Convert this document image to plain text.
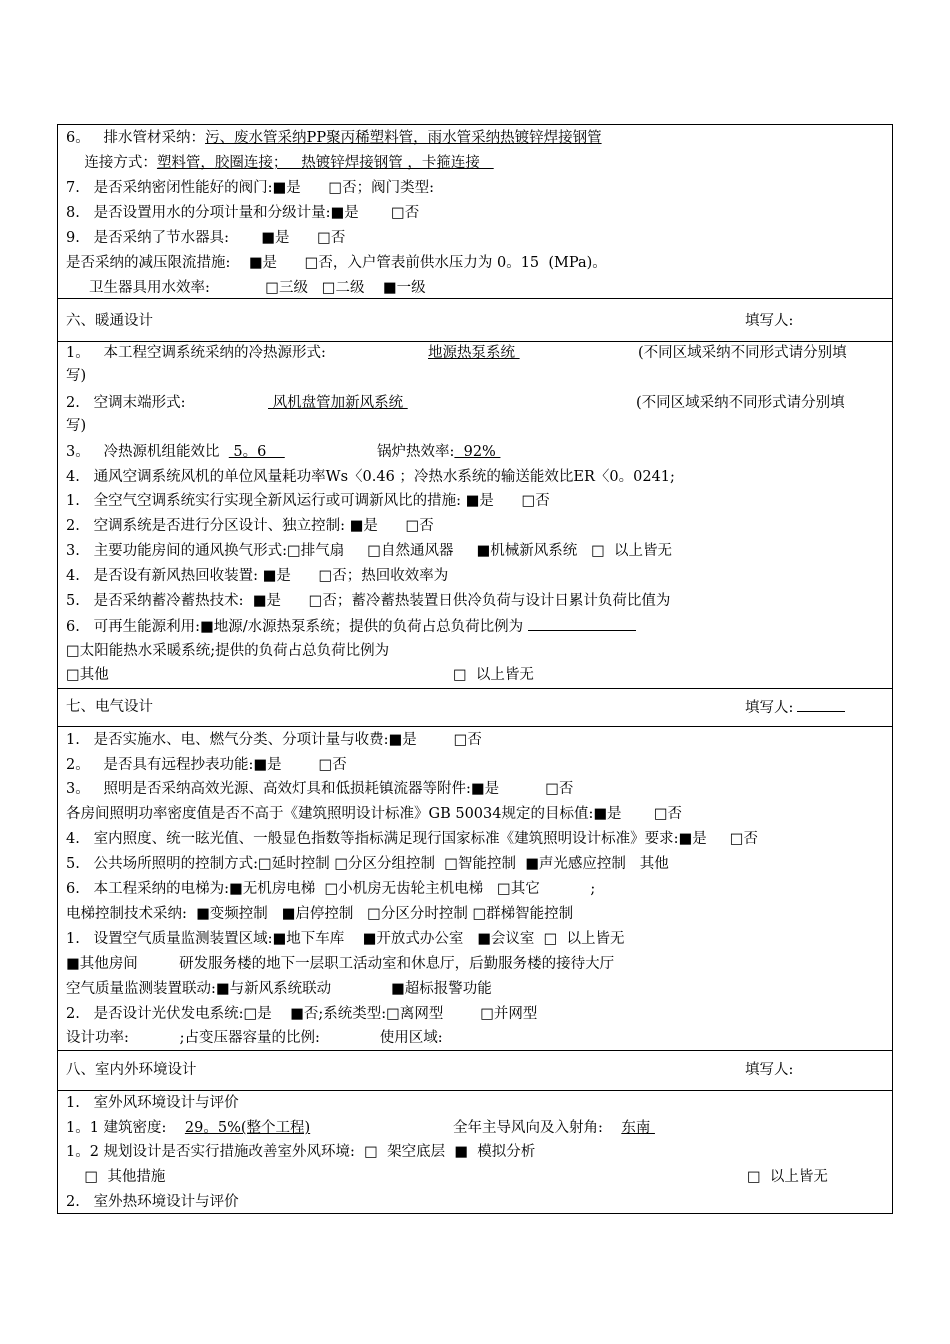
6。   排水管材采纳：污、废水管采纳PP聚丙稀塑料管，雨水管采纳热镀锌焊接钢管
连接方式：塑料管，胶圈连接；   热镀锌焊接钢管 ，卡箍连接
7.   是否采纳密闭性能好的阀门:■是      □否；阀门类型:
8.   是否设置用水的分项计量和分级计量:■是       □否
9.   是否采纳了节水器具:       ■是      □否
是否采纳的减压限流措施:    ■是      □否，入户管表前供水压力为 0。15  (MPa)。
卫生器具用水效率:            □三级   □二级    ■一级
六、暖通设计	填写人:
1。   本工程空调系统采纳的冷热源形式:	地源热泵系统	(不同区域采纳不同形式请分别填
写)
2.   空调末端形式:	风机盘管加新风系统	(不同区域采纳不同形式请分别填
写)
3。   冷热源机组能效比   5。6	锅炉热效率:  92%
4.   通风空调系统风机的单位风量耗功率Ws〈0.46 ；冷热水系统的输送能效比ER〈0。0241;
1.   全空气空调系统实行实现全新风运行或可调新风比的措施: ■是      □否
2.   空调系统是否进行分区设计、独立控制: ■是      □否
3.   主要功能房间的通风换气形式:□排气扇     □自然通风器     ■机械新风系统   □  以上皆无
4.   是否设有新风热回收装置: ■是      □否；热回收效率为
5.   是否采纳蓄冷蓄热技术:  ■是      □否；蓄冷蓄热装置日供冷负荷与设计日累计负荷比值为
6.   可再生能源利用:■地源/水源热泵系统；提供的负荷占总负荷比例为
□太阳能热水采暖系统;提供的负荷占总负荷比例为
□其他	□  以上皆无
七、电气设计	填写人:
1.   是否实施水、电、燃气分类、分项计量与收费:■是        □否
2。   是否具有远程抄表功能:■是        □否
3。   照明是否采纳高效光源、高效灯具和低损耗镇流器等附件:■是          □否
各房间照明功率密度值是否不高于《建筑照明设计标准》GB 50034规定的目标值:■是       □否
4.   室内照度、统一眩光值、一般显色指数等指标满足现行国家标准《建筑照明设计标准》要求:■是     □否
5.   公共场所照明的控制方式:□延时控制 □分区分组控制  □智能控制  ■声光感应控制   其他
6.   本工程采纳的电梯为:■无机房电梯  □小机房无齿轮主机电梯   □其它           ;
电梯控制技术采纳:  ■变频控制   ■启停控制   □分区分时控制 □群梯智能控制
1.   设置空气质量监测装置区域:■地下车库    ■开放式办公室   ■会议室  □  以上皆无
■其他房间         研发服务楼的地下一层职工活动室和休息厅，后勤服务楼的接待大厅
空气质量监测装置联动:■与新风系统联动             ■超标报警功能
2.   是否设计光伏发电系统:□是    ■否;系统类型:□离网型        □并网型
设计功率:           ;占变压器容量的比例:             使用区域:
八、室内外环境设计	填写人:
1.   室外风环境设计与评价
1。1 建筑密度:    29。5%(整个工程)	全年主导风向及入射角: 东南
1。2 规划设计是否实行措施改善室外风环境:  □  架空底层  ■  模拟分析
□  其他措施	□  以上皆无
2.   室外热环境设计与评价
